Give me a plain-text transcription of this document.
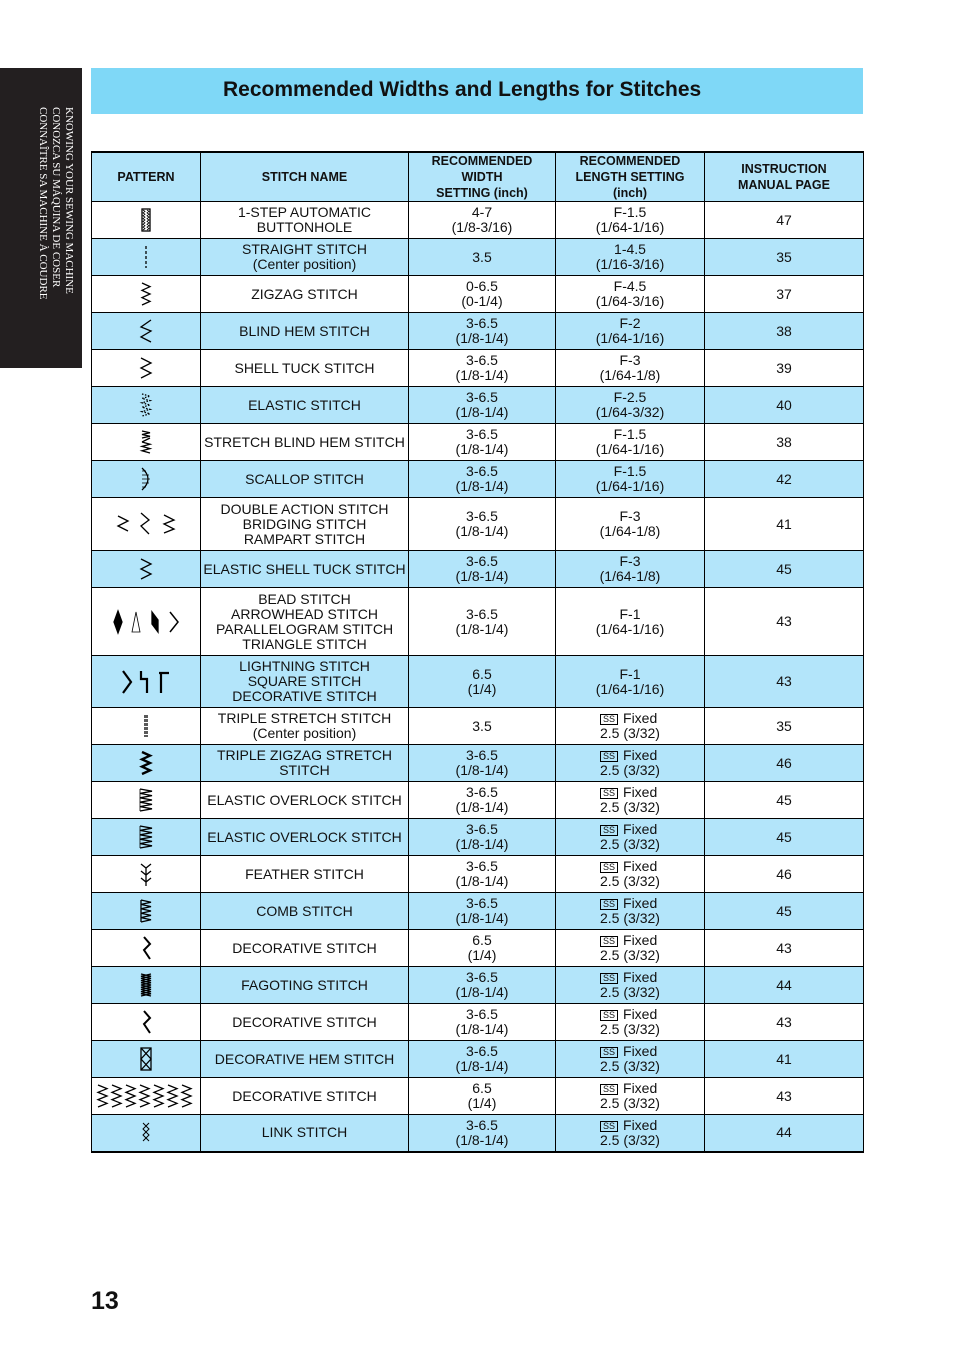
KNOWING YOUR SEWING MACHINE
CONOZCA SU MÁQUINA DE COSER
CONNAÎTRE SA MACHINE À COUDRE
Recommended Widths and Lengths for Stitches
PATTERN	STITCH NAME	RECOMMENDED WIDTH
SETTING (inch)	RECOMMENDED
LENGTH SETTING (inch)	INSTRUCTION
MANUAL PAGE

1-STEP AUTOMATIC
BUTTONHOLE	4-7
(1/8-3/16)	F-1.5
(1/64-1/16)	47

STRAIGHT STITCH
(Center position)	3.5	1-4.5
(1/16-3/16)	35

ZIGZAG STITCH	0-6.5
(0-1/4)	F-4.5
(1/64-3/16)	37

BLIND HEM STITCH	3-6.5
(1/8-1/4)	F-2
(1/64-1/16)	38

SHELL TUCK STITCH	3-6.5
(1/8-1/4)	F-3
(1/64-1/8)	39

ELASTIC STITCH	3-6.5
(1/8-1/4)	F-2.5
(1/64-3/32)	40

STRETCH BLIND HEM STITCH	3-6.5
(1/8-1/4)	F-1.5
(1/64-1/16)	38

SCALLOP STITCH	3-6.5
(1/8-1/4)	F-1.5
(1/64-1/16)	42

DOUBLE ACTION STITCH
BRIDGING STITCH
RAMPART STITCH	3-6.5
(1/8-1/4)	F-3
(1/64-1/8)	41

ELASTIC SHELL TUCK STITCH	3-6.5
(1/8-1/4)	F-3
(1/64-1/8)	45

BEAD STITCH
ARROWHEAD STITCH
PARALLELOGRAM STITCH
TRIANGLE STITCH	3-6.5
(1/8-1/4)	F-1
(1/64-1/16)	43

LIGHTNING STITCH
SQUARE STITCH
DECORATIVE STITCH	6.5
(1/4)	F-1
(1/64-1/16)	43

TRIPLE STRETCH STITCH
(Center position)	3.5	SS Fixed
2.5 (3/32)	35

TRIPLE ZIGZAG STRETCH
STITCH	3-6.5
(1/8-1/4)	SS Fixed
2.5 (3/32)	46

ELASTIC OVERLOCK STITCH	3-6.5
(1/8-1/4)	SS Fixed
2.5 (3/32)	45

ELASTIC OVERLOCK STITCH	3-6.5
(1/8-1/4)	SS Fixed
2.5 (3/32)	45

FEATHER STITCH	3-6.5
(1/8-1/4)	SS Fixed
2.5 (3/32)	46

COMB STITCH	3-6.5
(1/8-1/4)	SS Fixed
2.5 (3/32)	45

DECORATIVE STITCH	6.5
(1/4)	SS Fixed
2.5 (3/32)	43

FAGOTING STITCH	3-6.5
(1/8-1/4)	SS Fixed
2.5 (3/32)	44

DECORATIVE STITCH	3-6.5
(1/8-1/4)	SS Fixed
2.5 (3/32)	43

DECORATIVE HEM STITCH	3-6.5
(1/8-1/4)	SS Fixed
2.5 (3/32)	41

DECORATIVE STITCH	6.5
(1/4)	SS Fixed
2.5 (3/32)	43

LINK STITCH	3-6.5
(1/8-1/4)	SS Fixed
2.5 (3/32)	44
13
